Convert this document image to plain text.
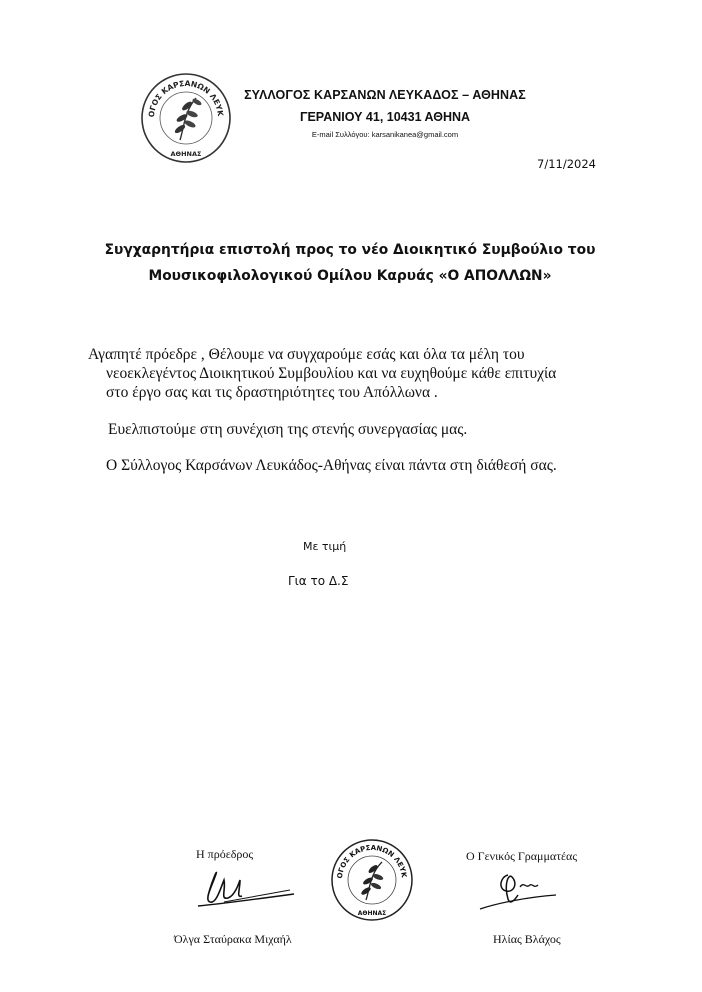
ΟΓΟΣ ΚΑΡΣΑΝΩΝ ΛΕΥΚ
ΑΘΗΝΑΣ
ΣΥΛΛΟΓΟΣ ΚΑΡΣΑΝΩΝ ΛΕΥΚΑΔΟΣ – ΑΘΗΝΑΣ
ΓΕΡΑΝΙΟΥ 41, 10431 ΑΘΗΝΑ
E-mail Συλλόγου: karsanikanea@gmail.com
7/11/2024
Συγχαρητήρια επιστολή προς το νέο Διοικητικό Συμβούλιο του
Μουσικοφιλολογικού Ομίλου Καρυάς «Ο ΑΠΟΛΛΩΝ»
Αγαπητέ πρόεδρε , Θέλουμε να συγχαρούμε εσάς και όλα τα μέλη του
νεοεκλεγέντος Διοικητικού Συμβουλίου και να ευχηθούμε κάθε επιτυχία
στο έργο σας και τις δραστηριότητες του Απόλλωνα .
Ευελπιστούμε στη συνέχιση της στενής συνεργασίας μας.
Ο Σύλλογος Καρσάνων Λευκάδος-Αθήνας είναι πάντα στη διάθεσή σας.
Με τιμή
Για το Δ.Σ
Η πρόεδρος
Όλγα Σταύρακα Μιχαήλ
ΟΓΟΣ ΚΑΡΣΑΝΩΝ ΛΕΥΚ
ΑΘΗΝΑΣ
Ο Γενικός Γραμματέας
Ηλίας Βλάχος
